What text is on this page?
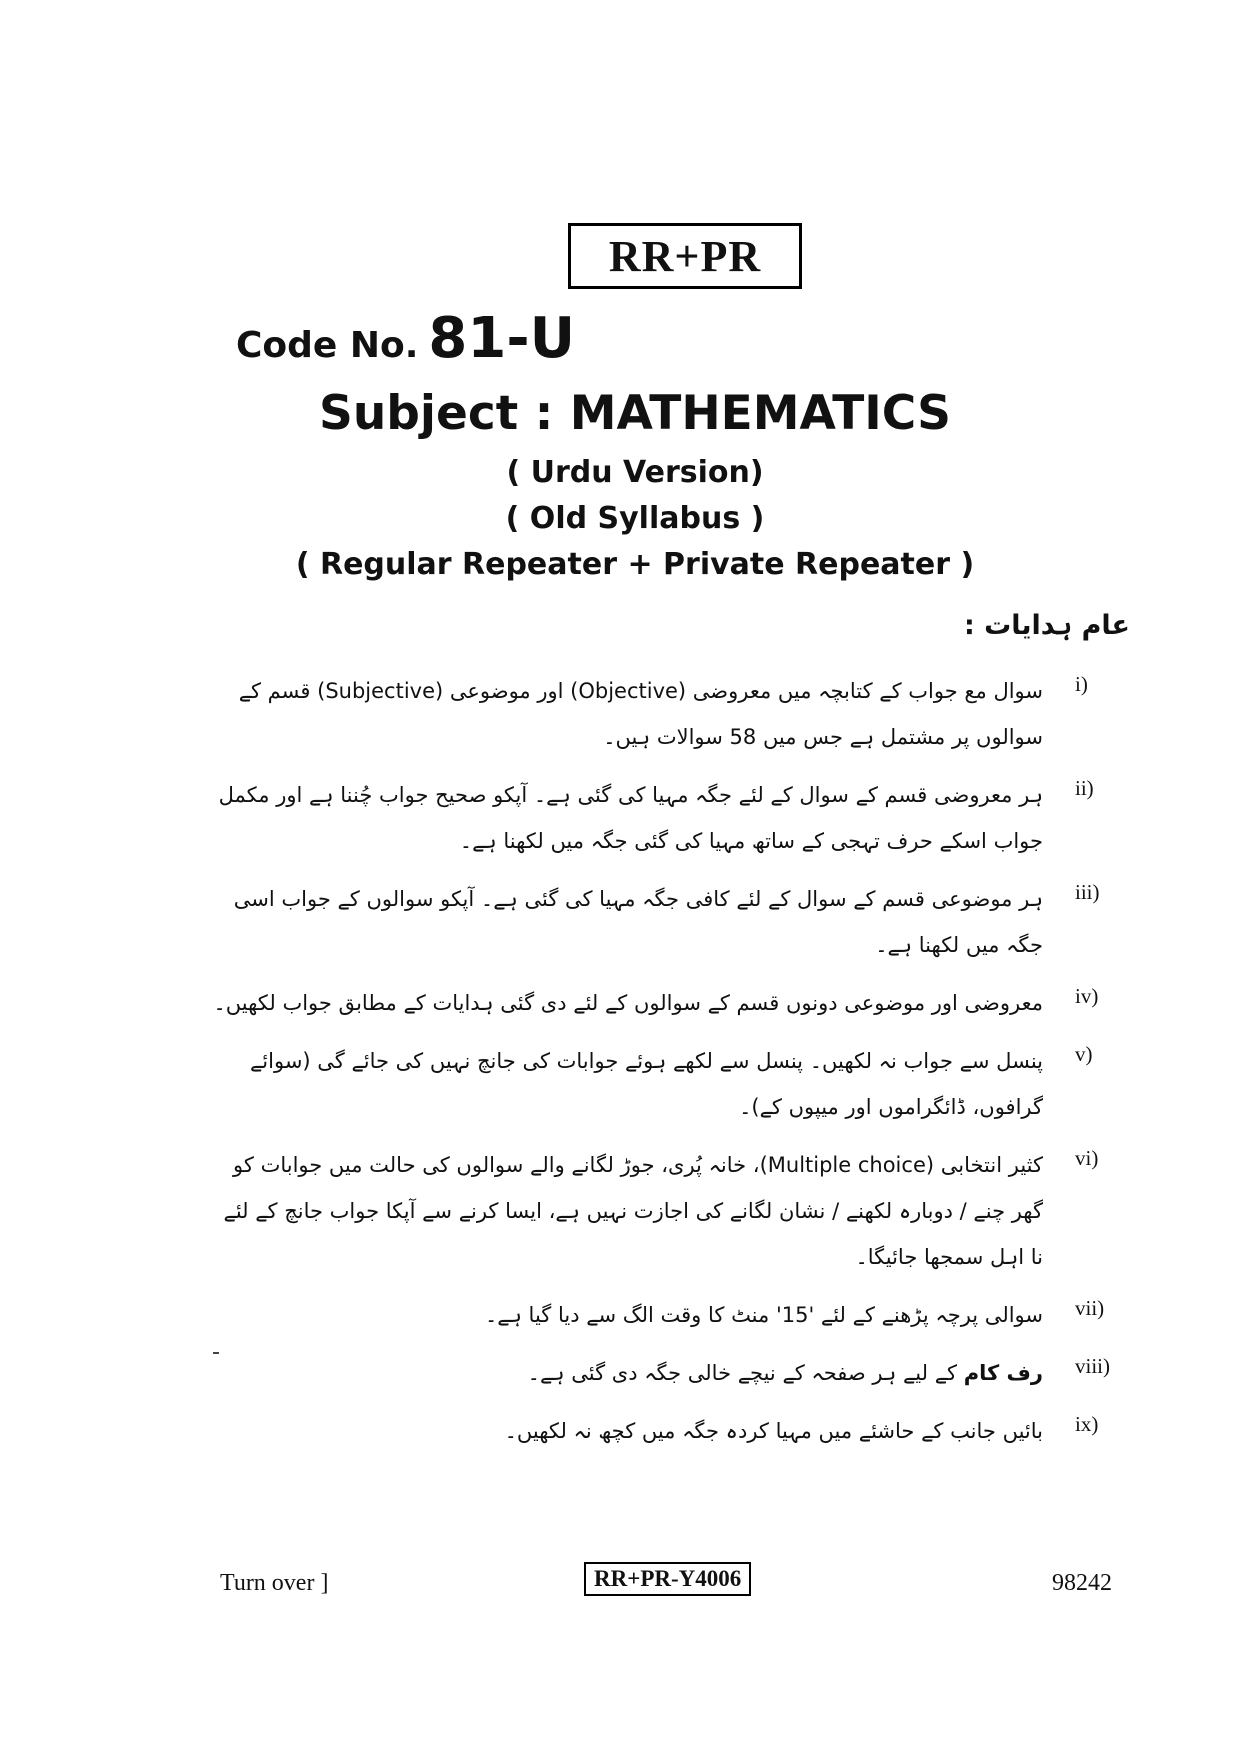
RR+PR
Code No. 81-U
Subject : MATHEMATICS
( Urdu Version)
( Old Syllabus )
( Regular Repeater + Private Repeater )
عام ہدایات :
i)
سوال مع جواب کے کتابچہ میں معروضی (Objective) اور موضوعی (Subjective) قسم کے سوالوں پر مشتمل ہے جس میں 58 سوالات ہیں۔
ii)
ہر معروضی قسم کے سوال کے لئے جگہ مہیا کی گئی ہے۔ آپکو صحیح جواب چُننا ہے اور مکمل جواب اسکے حرف تہجی کے ساتھ مہیا کی گئی جگہ میں لکھنا ہے۔
iii)
ہر موضوعی قسم کے سوال کے لئے کافی جگہ مہیا کی گئی ہے۔ آپکو سوالوں کے جواب اسی جگہ میں لکھنا ہے۔
iv)
معروضی اور موضوعی دونوں قسم کے سوالوں کے لئے دی گئی ہدایات کے مطابق جواب لکھیں۔
v)
پنسل سے جواب نہ لکھیں۔ پنسل سے لکھے ہوئے جوابات کی جانچ نہیں کی جائے گی (سوائے گرافوں، ڈائگراموں اور میپوں کے)۔
vi)
کثیر انتخابی (Multiple choice)، خانہ پُری، جوڑ لگانے والے سوالوں کی حالت میں جوابات کو گھر چنے / دوبارہ لکھنے / نشان لگانے کی اجازت نہیں ہے، ایسا کرنے سے آپکا جواب جانچ کے لئے نا اہل سمجھا جائیگا۔
vii)
سوالی پرچہ پڑھنے کے لئے '15' منٹ کا وقت الگ سے دیا گیا ہے۔
viii)
رف کام کے لیے ہر صفحہ کے نیچے خالی جگہ دی گئی ہے۔
ix)
بائیں جانب کے حاشئے میں مہیا کردہ جگہ میں کچھ نہ لکھیں۔
Turn over ]	RR+PR-Y4006	98242
